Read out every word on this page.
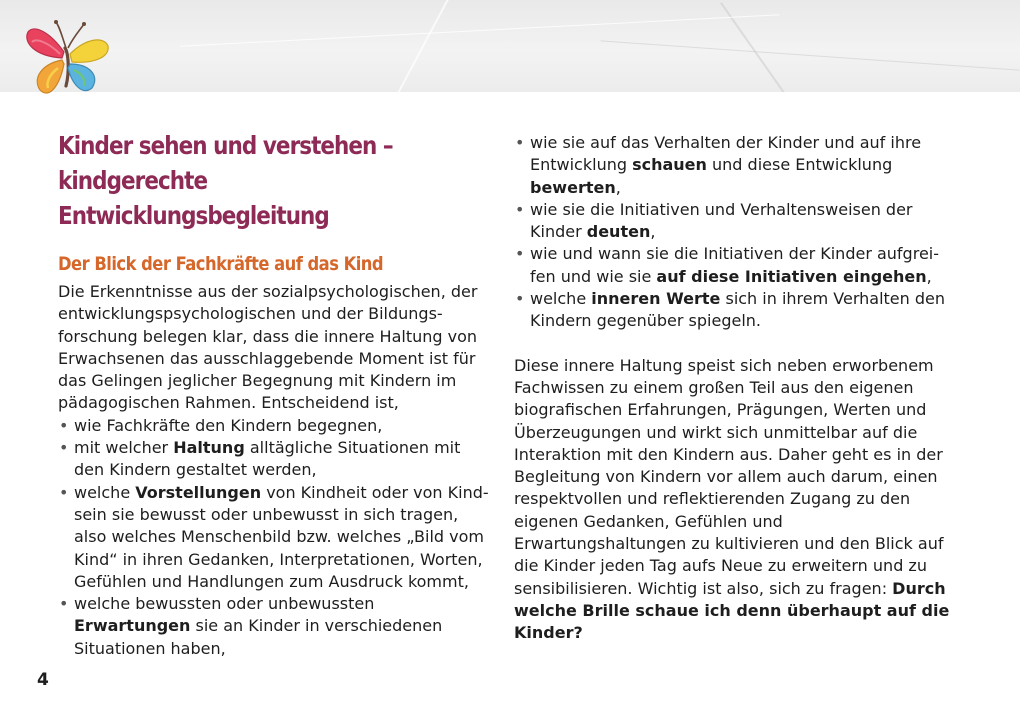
Kinder sehen und verstehen –
kindgerechte Entwicklungsbegleitung
Der Blick der Fachkräfte auf das Kind

Die Erkenntnisse aus der sozialpsychologischen, der entwicklungspsychologischen und der Bildungsforschung belegen klar, dass die innere Haltung von Erwachsenen das ausschlaggebende Moment ist für das Gelingen jeglicher Begegnung mit Kindern im pädagogischen Rahmen. Entscheidend ist,

• wie Fachkräfte den Kindern begegnen,
• mit welcher Haltung alltägliche Situationen mit den Kindern gestaltet werden,
• welche Vorstellungen von Kindheit oder von Kindsein sie bewusst oder unbewusst in sich tragen, also welches Menschenbild bzw. welches „Bild vom Kind“ in ihren Gedanken, Interpretationen, Worten, Gefühlen und Handlungen zum Ausdruck kommt,
• welche bewussten oder unbewussten Erwartungen sie an Kinder in verschiedenen Situationen haben,
• wie sie auf das Verhalten der Kinder und auf ihre Entwicklung schauen und diese Entwicklung bewerten,
• wie sie die Initiativen und Verhaltensweisen der Kinder deuten,
• wie und wann sie die Initiativen der Kinder aufgreifen und wie sie auf diese Initiativen eingehen,
• welche inneren Werte sich in ihrem Verhalten den Kindern gegenüber spiegeln.

Diese innere Haltung speist sich neben erworbenem Fachwissen zu einem großen Teil aus den eigenen biografischen Erfahrungen, Prägungen, Werten und Überzeugungen und wirkt sich unmittelbar auf die Interaktion mit den Kindern aus. Daher geht es in der Begleitung von Kindern vor allem auch darum, einen respektvollen und reflektierenden Zugang zu den eigenen Gedanken, Gefühlen und Erwartungshaltungen zu kultivieren und den Blick auf die Kinder jeden Tag aufs Neue zu erweitern und zu sensibilisieren. Wichtig ist also, sich zu fragen: Durch welche Brille schaue ich denn überhaupt auf die Kinder?

4
